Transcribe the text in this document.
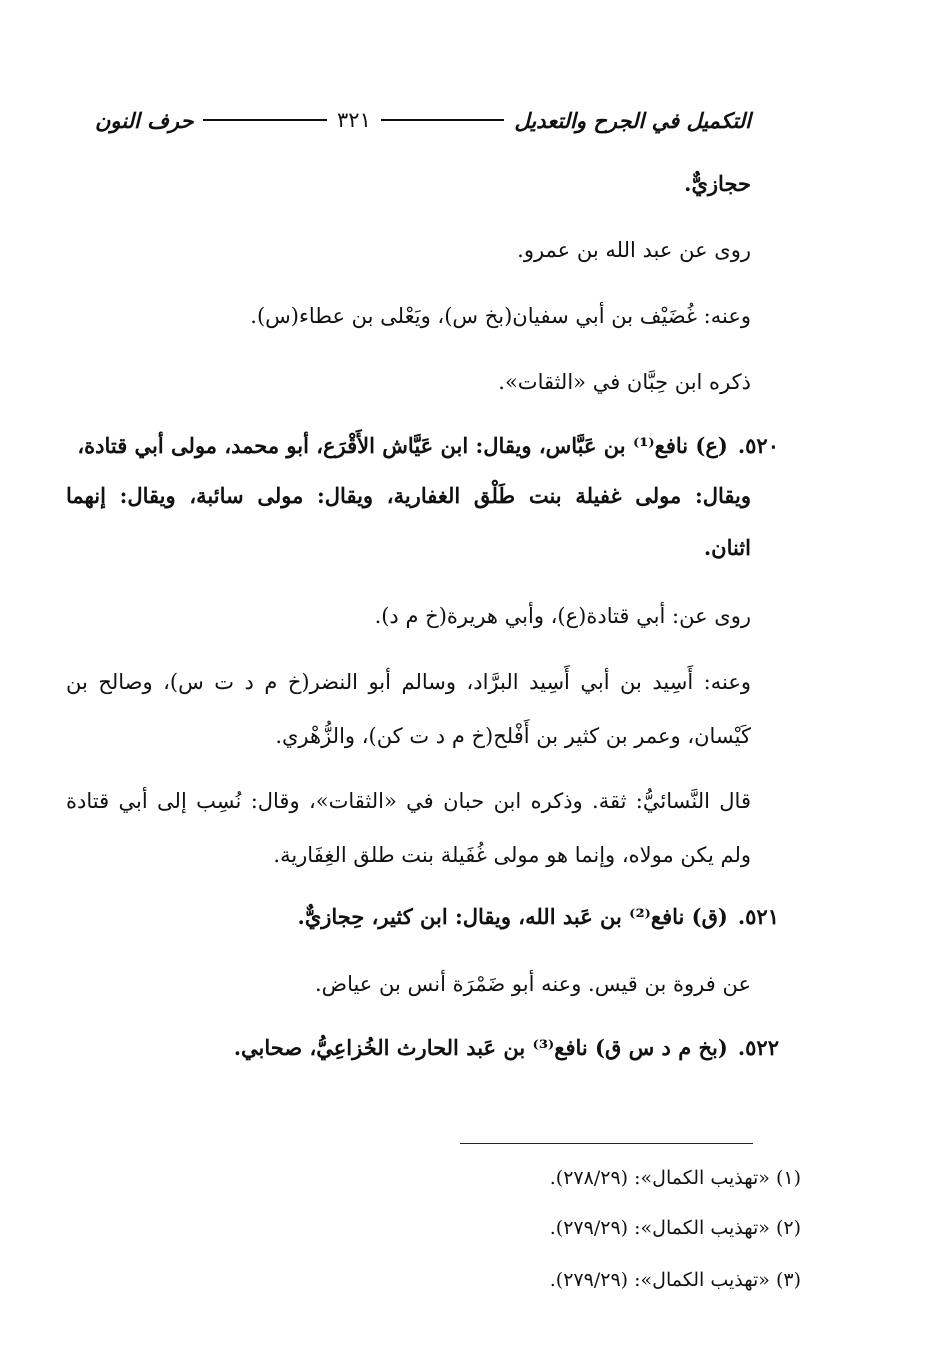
التكميل في الجرح والتعديل
٣٢١
حرف النون
حجازيٌّ.
روى عن عبد الله بن عمرو.
وعنه: غُضَيْف بن أبي سفيان(بخ س)، ويَعْلى بن عطاء(س).
ذكره ابن حِبَّان في «الثقات».
٥٢٠.(ع) نافع⁽¹⁾ بن عَبَّاس، ويقال: ابن عَيَّاش الأَقْرَع، أبو محمد، مولى أبي قتادة،
ويقال: مولى غفيلة بنت طَلْق الغفارية، ويقال: مولى سائبة، ويقال: إنهما
اثنان.
روى عن: أبي قتادة(ع)، وأبي هريرة(خ م د).
وعنه: أَسِيد بن أبي أَسِيد البرَّاد، وسالم أبو النضر(خ م د ت س)، وصالح بن
كَيْسان، وعمر بن كثير بن أَفْلح(خ م د ت كن)، والزُّهْري.
قال النَّسائيُّ: ثقة. وذكره ابن حبان في «الثقات»، وقال: نُسِب إلى أبي قتادة
ولم يكن مولاه، وإنما هو مولى غُفَيلة بنت طلق الغِفَارية.
٥٢١.(ق) نافع⁽²⁾ بن عَبد الله، ويقال: ابن كثير، حِجازيٌّ.
عن فروة بن قيس. وعنه أبو ضَمْرَة أنس بن عياض.
٥٢٢.(بخ م د س ق) نافع⁽³⁾ بن عَبد الحارث الخُزاعِيُّ، صحابي.
(١) «تهذيب الكمال»: (٢٧٨/٢٩).
(٢) «تهذيب الكمال»: (٢٧٩/٢٩).
(٣) «تهذيب الكمال»: (٢٧٩/٢٩).
